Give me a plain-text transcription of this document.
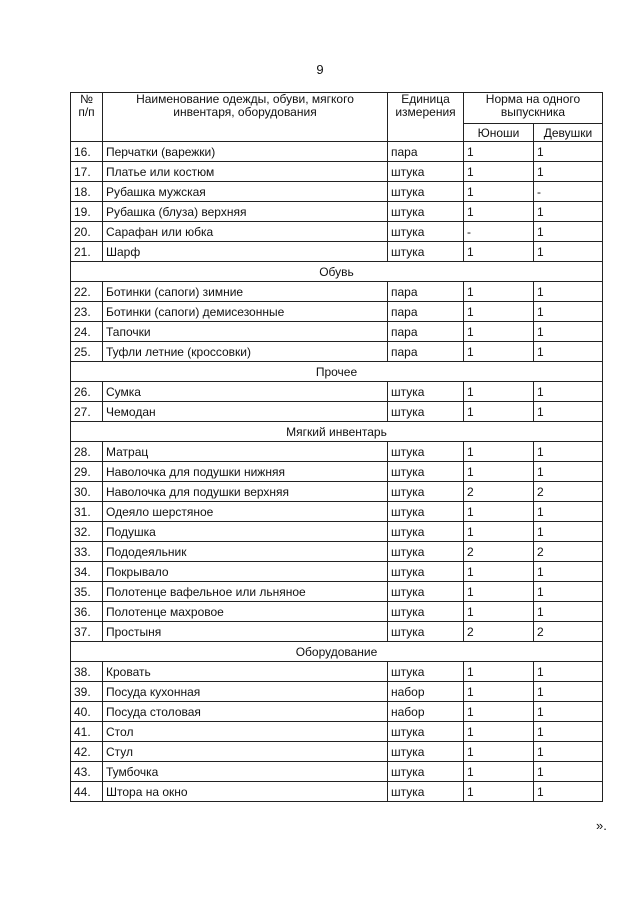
9
№ п/п	Наименование одежды, обуви, мягкого инвентаря, оборудования	Единица измерения	Норма на одного выпускника	
			Юноши	Девушки
16.	Перчатки (варежки)	пара	1	1
17.	Платье или костюм	штука	1	1
18.	Рубашка мужская	штука	1	-
19.	Рубашка (блуза) верхняя	штука	1	1
20.	Сарафан или юбка	штука	-	1
21.	Шарф	штука	1	1
Обувь				
22.	Ботинки (сапоги) зимние	пара	1	1
23.	Ботинки (сапоги) демисезонные	пара	1	1
24.	Тапочки	пара	1	1
25.	Туфли летние (кроссовки)	пара	1	1
Прочее				
26.	Сумка	штука	1	1
27.	Чемодан	штука	1	1
Мягкий инвентарь				
28.	Матрац	штука	1	1
29.	Наволочка для подушки нижняя	штука	1	1
30.	Наволочка для подушки верхняя	штука	2	2
31.	Одеяло шерстяное	штука	1	1
32.	Подушка	штука	1	1
33.	Пододеяльник	штука	2	2
34.	Покрывало	штука	1	1
35.	Полотенце вафельное или льняное	штука	1	1
36.	Полотенце махровое	штука	1	1
37.	Простыня	штука	2	2
Оборудование				
38.	Кровать	штука	1	1
39.	Посуда кухонная	набор	1	1
40.	Посуда столовая	набор	1	1
41.	Стол	штука	1	1
42.	Стул	штука	1	1
43.	Тумбочка	штука	1	1
44.	Штора на окно	штука	1	1
».
